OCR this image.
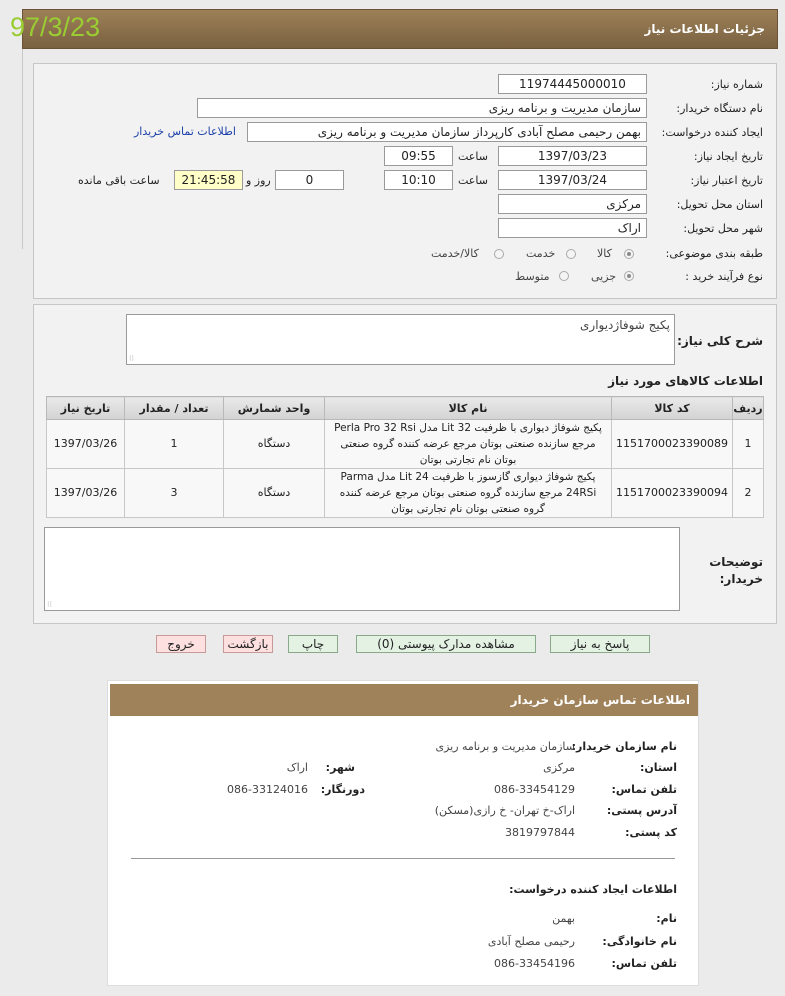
جزئیات اطلاعات نیاز
97/3/23
شماره نیاز:
11974445000010
نام دستگاه خریدار:
سازمان مدیریت و برنامه ریزی
ایجاد کننده درخواست:
بهمن رحیمی مصلح آبادی کارپرداز سازمان مدیریت و برنامه ریزی
اطلاعات تماس خریدار
تاریخ ایجاد نیاز:
1397/03/23
ساعت
09:55
تاریخ اعتبار نیاز:
1397/03/24
ساعت
10:10
0
روز و
21:45:58
ساعت باقی مانده
استان محل تحویل:
مرکزی
شهر محل تحویل:
اراک
طبقه بندی موضوعی:
کالا
خدمت
کالا/خدمت
نوع فرآیند خرید :
جزیی
متوسط
شرح کلی نیاز:
پکیج شوفاژدیواری
⁝⁝
اطلاعات کالاهای مورد نیاز
ردیف	کد کالا	نام کالا	واحد شمارش	تعداد / مقدار	تاریخ نیاز
1	1151700023390089	پکیج شوفاژ دیواری با ظرفیت 32 Lit مدل Perla Pro 32 Rsi مرجع سازنده صنعتی بوتان مرجع عرضه کننده گروه صنعتی بوتان نام تجارتی بوتان	دستگاه	1	1397/03/26
2	1151700023390094	پکیج شوفاژ دیواری گازسوز با ظرفیت 24 Lit مدل Parma 24RSi مرجع سازنده گروه صنعتی بوتان مرجع عرضه کننده گروه صنعتی بوتان نام تجارتی بوتان	دستگاه	3	1397/03/26
⁝⁝
توضیحات
خریدار:
پاسخ به نیاز
مشاهده مدارک پیوستی (0)
چاپ
بازگشت
خروج
اطلاعات تماس سازمان خریدار
نام سازمان خریدار:
سازمان مدیریت و برنامه ریزی
استان:
مرکزی
شهر:
اراک
تلفن تماس:
086-33454129
دورنگار:
086-33124016
آدرس پستی:
اراک-خ تهران- خ رازی(مسکن)
کد پستی:
3819797844
اطلاعات ایجاد کننده درخواست:
نام:
بهمن
نام خانوادگی:
رحیمی مصلح آبادی
تلفن تماس:
086-33454196
